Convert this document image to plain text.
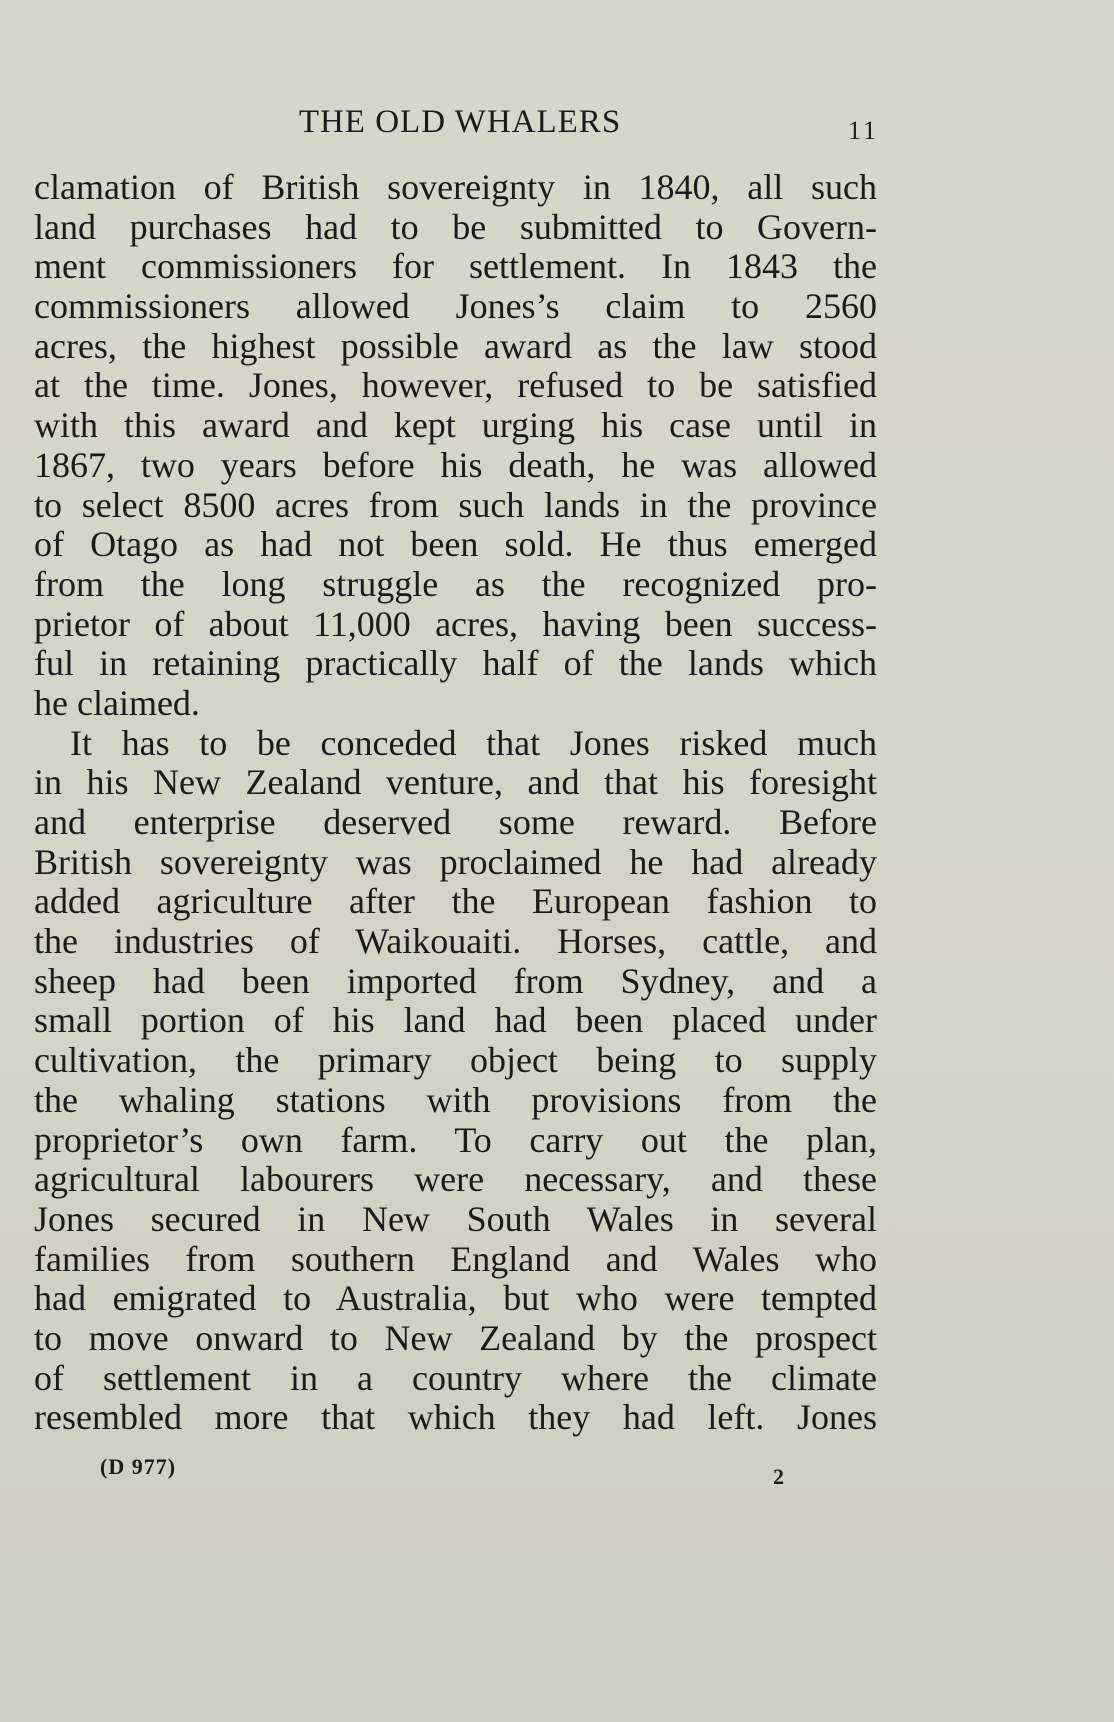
THE OLD WHALERS	11
clamation of British sovereignty in 1840, all such
land purchases had to be submitted to Govern-
ment commissioners for settlement. In 1843 the
commissioners allowed Jones’s claim to 2560
acres, the highest possible award as the law stood
at the time. Jones, however, refused to be satisfied
with this award and kept urging his case until in
1867, two years before his death, he was allowed
to select 8500 acres from such lands in the province
of Otago as had not been sold. He thus emerged
from the long struggle as the recognized pro-
prietor of about 11,000 acres, having been success-
ful in retaining practically half of the lands which
he claimed.
It has to be conceded that Jones risked much
in his New Zealand venture, and that his foresight
and enterprise deserved some reward. Before
British sovereignty was proclaimed he had already
added agriculture after the European fashion to
the industries of Waikouaiti. Horses, cattle, and
sheep had been imported from Sydney, and a
small portion of his land had been placed under
cultivation, the primary object being to supply
the whaling stations with provisions from the
proprietor’s own farm. To carry out the plan,
agricultural labourers were necessary, and these
Jones secured in New South Wales in several
families from southern England and Wales who
had emigrated to Australia, but who were tempted
to move onward to New Zealand by the prospect
of settlement in a country where the climate
resembled more that which they had left. Jones
(D 977)	2
